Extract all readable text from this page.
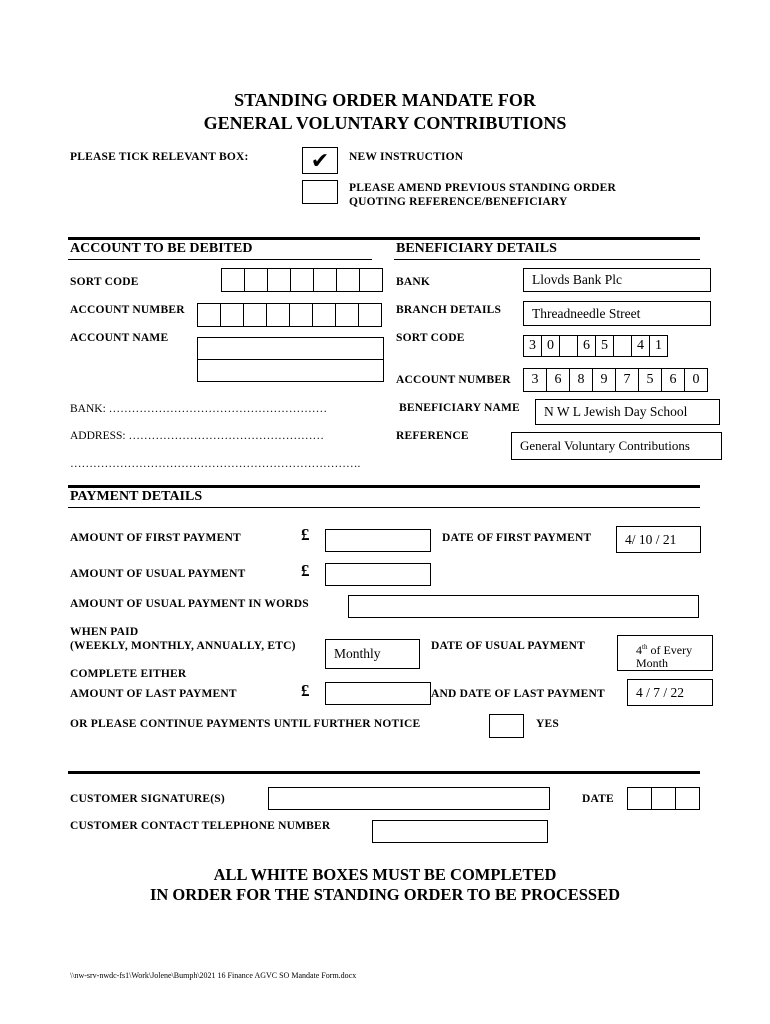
STANDING ORDER MANDATE FOR
GENERAL VOLUNTARY CONTRIBUTIONS
PLEASE TICK RELEVANT BOX:	✔ NEW INSTRUCTION
PLEASE AMEND PREVIOUS STANDING ORDER
QUOTING REFERENCE/BENEFICIARY
ACCOUNT TO BE DEBITED
SORT CODE
ACCOUNT NUMBER
ACCOUNT NAME
BANK: …………………………………………………
ADDRESS: ……………………………………………
………………………………………………………………….
BENEFICIARY DETAILS
BANK	Llovds Bank Plc
BRANCH DETAILS	Threadneedle Street
SORT CODE	3 0	6 5	4 1
ACCOUNT NUMBER	3	6	8	9	7	5	6	0
BENEFICIARY NAME	N W L Jewish Day School
REFERENCE
General Voluntary Contributions
PAYMENT DETAILS
AMOUNT OF FIRST PAYMENT	£	DATE OF FIRST PAYMENT	4/ 10 / 21
AMOUNT OF USUAL PAYMENT	£
AMOUNT OF USUAL PAYMENT IN WORDS
WHEN PAID
(WEEKLY, MONTHLY, ANNUALLY, ETC)	Monthly	DATE OF USUAL PAYMENT	4th of Every
Month
COMPLETE EITHER
AMOUNT OF LAST PAYMENT	£	AND DATE OF LAST PAYMENT	4 / 7 / 22
OR PLEASE CONTINUE PAYMENTS UNTIL FURTHER NOTICE	YES
CUSTOMER SIGNATURE(S)	DATE
CUSTOMER CONTACT TELEPHONE NUMBER
ALL WHITE BOXES MUST BE COMPLETED
IN ORDER FOR THE STANDING ORDER TO BE PROCESSED
\\nw-srv-nwdc-fs1\Work\Jolene\Bumph\2021 16 Finance AGVC SO Mandate Form.docx
